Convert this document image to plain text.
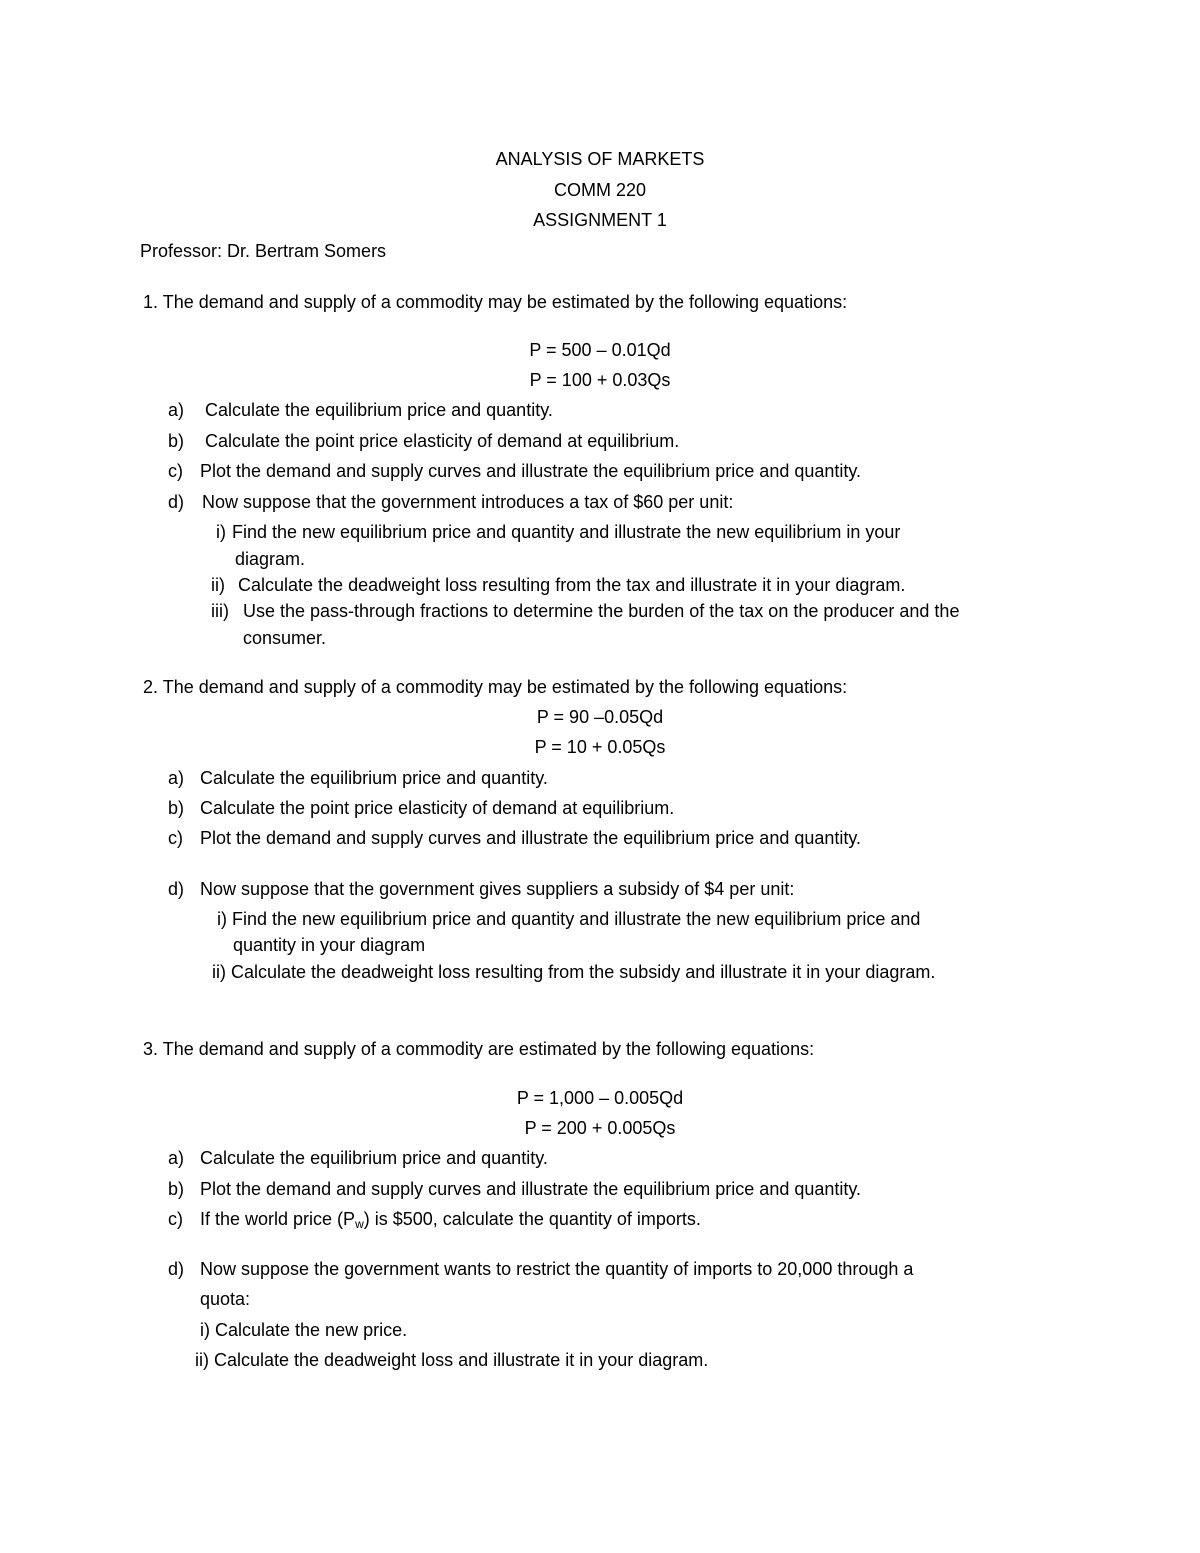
ANALYSIS OF MARKETS
COMM 220
ASSIGNMENT 1
Professor: Dr. Bertram Somers
1. The demand and supply of a commodity may be estimated by the following equations:
P = 500 – 0.01Qd
P = 100 + 0.03Qs
a) Calculate the equilibrium price and quantity.
b) Calculate the point price elasticity of demand at equilibrium.
c) Plot the demand and supply curves and illustrate the equilibrium price and quantity.
d) Now suppose that the government introduces a tax of $60 per unit:
i) Find the new equilibrium price and quantity and illustrate the new equilibrium in your
diagram.
ii) Calculate the deadweight loss resulting from the tax and illustrate it in your diagram.
iii) Use the pass-through fractions to determine the burden of the tax on the producer and the
consumer.
2. The demand and supply of a commodity may be estimated by the following equations:
P = 90 –0.05Qd
P = 10 + 0.05Qs
a) Calculate the equilibrium price and quantity.
b) Calculate the point price elasticity of demand at equilibrium.
c) Plot the demand and supply curves and illustrate the equilibrium price and quantity.
d) Now suppose that the government gives suppliers a subsidy of $4 per unit:
i) Find the new equilibrium price and quantity and illustrate the new equilibrium price and
quantity in your diagram
ii) Calculate the deadweight loss resulting from the subsidy and illustrate it in your diagram.
3. The demand and supply of a commodity are estimated by the following equations:
P = 1,000 – 0.005Qd
P = 200 + 0.005Qs
a) Calculate the equilibrium price and quantity.
b) Plot the demand and supply curves and illustrate the equilibrium price and quantity.
c) If the world price $(P_w)$ is $500, calculate the quantity of imports.
d) Now suppose the government wants to restrict the quantity of imports to 20,000 through a
quota:
i) Calculate the new price.
ii) Calculate the deadweight loss and illustrate it in your diagram.
